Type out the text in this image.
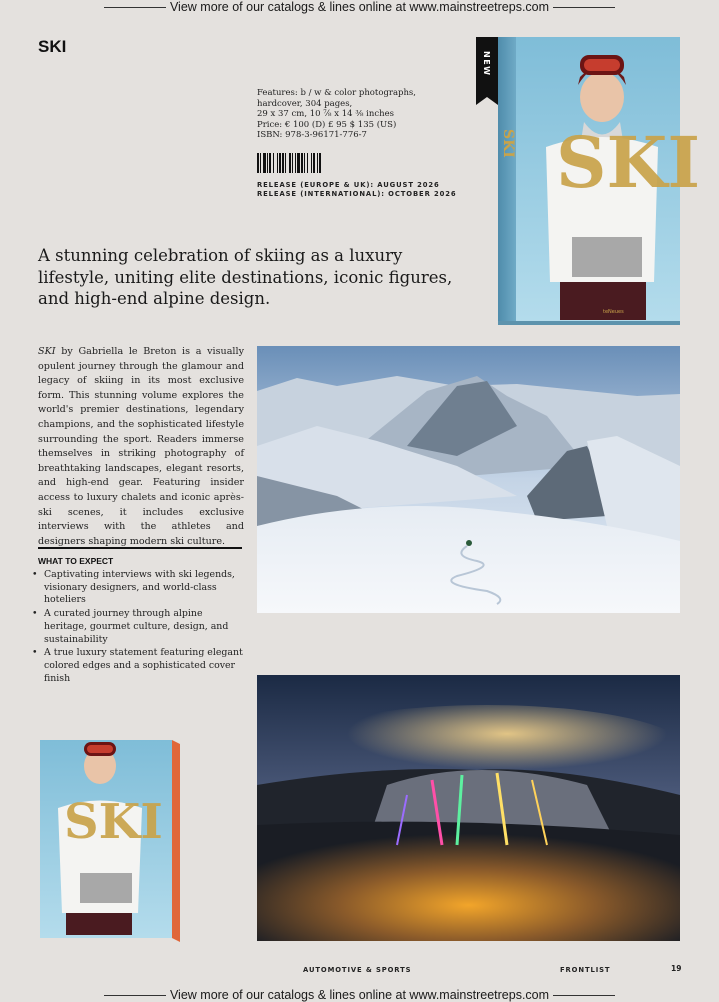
View more of our catalogs & lines online at www.mainstreetreps.com
SKI
Features: b / w & color photographs,
hardcover, 304 pages,
29 x 37 cm, 10 ⅞ x 14 ⅜ inches
Price: € 100 (D) £ 95 $ 135 (US)
ISBN: 978-3-96171-776-7
RELEASE (EUROPE & UK): AUGUST 2026
RELEASE (INTERNATIONAL): OCTOBER 2026 SKI
SKI
NEW
teNeues
A stunning celebration of skiing as a luxury lifestyle, uniting elite destinations, iconic figures, and high-end alpine design.

SKI by Gabriella le Breton is a visually opulent journey through the glamour and legacy of skiing in its most exclusive form. This stunning volume explores the world's premier destinations, legendary champions, and the sophisticated lifestyle surrounding the sport. Readers immerse themselves in striking photography of breathtaking landscapes, elegant resorts, and high-end gear. Featuring insider access to luxury chalets and iconic après-ski scenes, it includes exclusive interviews with the athletes and designers shaping modern ski culture.

WHAT TO EXPECT
• Captivating interviews with ski legends, visionary designers, and world-class hoteliers
• A curated journey through alpine heritage, gourmet culture, design, and sustainability
• A true luxury statement featuring elegant colored edges and a sophisticated cover finish
SKI
AUTOMOTIVE & SPORTS	FRONTLIST	19
View more of our catalogs & lines online at www.mainstreetreps.com
